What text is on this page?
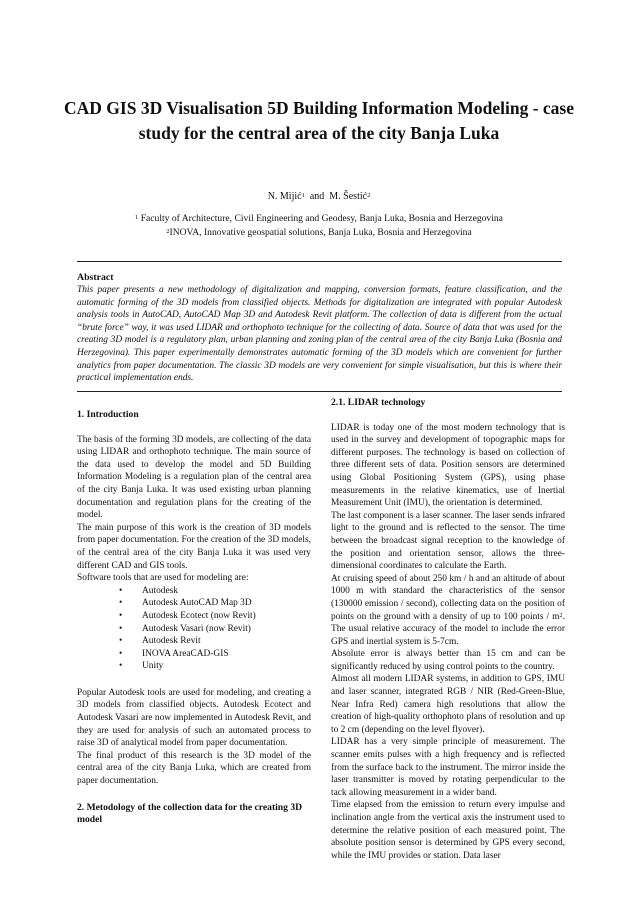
CAD GIS 3D Visualisation 5D Building Information Modeling - case study for the central area of the city Banja Luka
N. Mijić$^1$ and M. Šestić$^2$
$^1$ Faculty of Architecture, Civil Engineering and Geodesy, Banja Luka, Bosnia and Herzegovina
$^2$INOVA, Innovative geospatial solutions, Banja Luka, Bosnia and Herzegovina
Abstract
This paper presents a new methodology of digitalization and mapping, conversion formats, feature classification, and the automatic forming of the 3D models from classified objects. Methods for digitalization are integrated with popular Autodesk analysis tools in AutoCAD, AutoCAD Map 3D and Autodesk Revit platform. The collection of data is different from the actual “brute force” way, it was used LIDAR and orthophoto technique for the collecting of data. Source of data that was used for the creating 3D model is a regulatory plan, urban planning and zoning plan of the central area of the city Banja Luka (Bosnia and Herzegovina). This paper experimentally demonstrates automatic forming of the 3D models which are convenient for further analytics from paper documentation. The classic 3D models are very convenient for simple visualisation, but this is where their practical implementation ends.
1. Introduction

The basis of the forming 3D models, are collecting of the data using LIDAR and orthophoto technique. The main source of the data used to develop the model and 5D Building Information Modeling is a regulation plan of the central area of the city Banja Luka. It was used existing urban planning documentation and regulation plans for the creating of the model.

The main purpose of this work is the creation of 3D models from paper documentation. For the creation of the 3D models, of the central area of the city Banja Luka it was used very different CAD and GIS tools.

Software tools that are used for modeling are:

• Autodesk
• Autodesk AutoCAD Map 3D
• Autodesk Ecotect (now Revit)
• Autodesk Vasari (now Revit)
• Autodesk Revit
• INOVA AreaCAD-GIS
• Unity

Popular Autodesk tools are used for modeling, and creating a 3D models from classified objects. Autodesk Ecotect and Autodesk Vasari are now implemented in Autodesk Revit, and they are used for analysis of such an automated process to raise 3D of analytical model from paper documentation.

The final product of this research is the 3D model of the central area of the city Banja Luka, which are created from paper documentation.

2. Metodology of the collection data for the creating 3D model
2.1. LIDAR technology

LIDAR is today one of the most modern technology that is used in the survey and development of topographic maps for different purposes. The technology is based on collection of three different sets of data. Position sensors are determined using Global Positioning System (GPS), using phase measurements in the relative kinematics, use of Inertial Measurement Unit (IMU), the orientation is determined.

The last component is a laser scanner. The laser sends infrared light to the ground and is reflected to the sensor. The time between the broadcast signal reception to the knowledge of the position and orientation sensor, allows the three-dimensional coordinates to calculate the Earth.

At cruising speed of about 250 km / h and an altitude of about 1000 m with standard the characteristics of the sensor (130000 emission / second), collecting data on the position of points on the ground with a density of up to 100 points / $m^2$. The usual relative accuracy of the model to include the error GPS and inertial system is 5-7cm.

Absolute error is always better than 15 cm and can be significantly reduced by using control points to the country.

Almost all modern LIDAR systems, in addition to GPS, IMU and laser scanner, integrated RGB / NIR (Red-Green-Blue, Near Infra Red) camera high resolutions that allow the creation of high-quality orthophoto plans of resolution and up to 2 cm (depending on the level flyover).

LIDAR has a very simple principle of measurement. The scanner emits pulses with a high frequency and is reflected from the surface back to the instrument. The mirror inside the laser transmitter is moved by rotating perpendicular to the tack allowing measurement in a wider band.

Time elapsed from the emission to return every impulse and inclination angle from the vertical axis the instrument used to determine the relative position of each measured point. The absolute position sensor is determined by GPS every second, while the IMU provides or station. Data laser
